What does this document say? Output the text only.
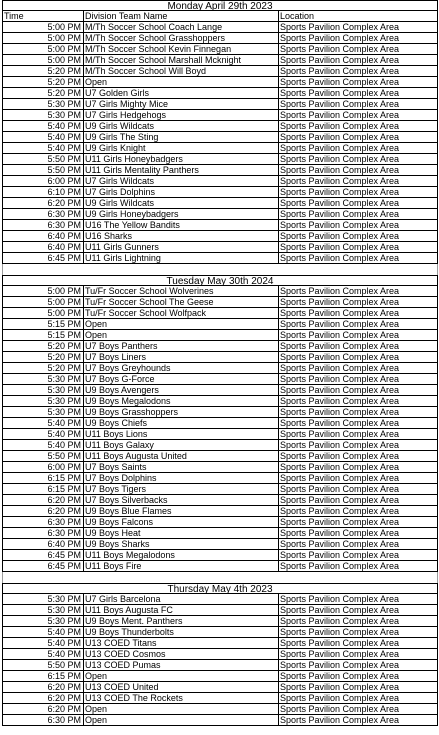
Monday April 29th 2023
Time	Division Team Name	Location
5:00 PM M/Th Soccer School Coach Lange	Sports Pavilion Complex Area
5:00 PM M/Th Soccer School Grasshoppers	Sports Pavilion Complex Area
5:00 PM M/Th Soccer School Kevin Finnegan	Sports Pavilion Complex Area
5:00 PM M/Th Soccer School Marshall Mcknight	Sports Pavilion Complex Area
5:20 PM M/Th Soccer School Will Boyd	Sports Pavilion Complex Area
5:20 PM Open	Sports Pavilion Complex Area
5:20 PM U7 Golden Girls	Sports Pavilion Complex Area
5:30 PM U7 Girls Mighty Mice	Sports Pavilion Complex Area
5:30 PM U7 Girls Hedgehogs	Sports Pavilion Complex Area
5:40 PM U9 Girls Wildcats	Sports Pavilion Complex Area
5:40 PM U9 Girls The Sting	Sports Pavilion Complex Area
5:40 PM U9 Girls Knight	Sports Pavilion Complex Area
5:50 PM U11 Girls Honeybadgers	Sports Pavilion Complex Area
5:50 PM U11 Girls Mentality Panthers	Sports Pavilion Complex Area
6:00 PM U7 Girls Wildcats	Sports Pavilion Complex Area
6:10 PM U7 Girls Dolphins	Sports Pavilion Complex Area
6:20 PM U9 Girls Wildcats	Sports Pavilion Complex Area
6:30 PM U9 Girls Honeybadgers	Sports Pavilion Complex Area
6:30 PM U16 The Yellow Bandits	Sports Pavilion Complex Area
6:40 PM U16 Sharks	Sports Pavilion Complex Area
6:40 PM U11 Girls Gunners	Sports Pavilion Complex Area
6:45 PM U11 Girls Lightning	Sports Pavilion Complex Area
Tuesday May 30th 2024
5:00 PM Tu/Fr Soccer School Wolverines	Sports Pavilion Complex Area
5:00 PM Tu/Fr Soccer School The Geese	Sports Pavilion Complex Area
5:00 PM Tu/Fr Soccer School Wolfpack	Sports Pavilion Complex Area
5:15 PM Open	Sports Pavilion Complex Area
5:15 PM Open	Sports Pavilion Complex Area
5:20 PM U7 Boys Panthers	Sports Pavilion Complex Area
5:20 PM U7 Boys Liners	Sports Pavilion Complex Area
5:20 PM U7 Boys Greyhounds	Sports Pavilion Complex Area
5:30 PM U7 Boys G-Force	Sports Pavilion Complex Area
5:30 PM U9 Boys Avengers	Sports Pavilion Complex Area
5:30 PM U9 Boys Megalodons	Sports Pavilion Complex Area
5:30 PM U9 Boys Grasshoppers	Sports Pavilion Complex Area
5:40 PM U9 Boys Chiefs	Sports Pavilion Complex Area
5:40 PM U11 Boys Lions	Sports Pavilion Complex Area
5:40 PM U11 Boys Galaxy	Sports Pavilion Complex Area
5:50 PM U11 Boys Augusta United	Sports Pavilion Complex Area
6:00 PM U7 Boys Saints	Sports Pavilion Complex Area
6:15 PM U7 Boys Dolphins	Sports Pavilion Complex Area
6:15 PM U7 Boys Tigers	Sports Pavilion Complex Area
6:20 PM U7 Boys Silverbacks	Sports Pavilion Complex Area
6:20 PM U9 Boys Blue Flames	Sports Pavilion Complex Area
6:30 PM U9 Boys Falcons	Sports Pavilion Complex Area
6:30 PM U9 Boys Heat	Sports Pavilion Complex Area
6:40 PM U9 Boys Sharks	Sports Pavilion Complex Area
6:45 PM U11 Boys Megalodons	Sports Pavilion Complex Area
6:45 PM U11 Boys Fire	Sports Pavilion Complex Area
Thursday May 4th 2023
5:30 PM U7 Girls Barcelona	Sports Pavilion Complex Area
5:30 PM U11 Boys Augusta FC	Sports Pavilion Complex Area
5:30 PM U9 Boys Ment. Panthers	Sports Pavilion Complex Area
5:40 PM U9 Boys Thunderbolts	Sports Pavilion Complex Area
5:40 PM U13 COED Titans	Sports Pavilion Complex Area
5:40 PM U13 COED Cosmos	Sports Pavilion Complex Area
5:50 PM U13 COED Pumas	Sports Pavilion Complex Area
6:15 PM Open	Sports Pavilion Complex Area
6:20 PM U13 COED United	Sports Pavilion Complex Area
6:20 PM U13 COED The Rockets	Sports Pavilion Complex Area
6:20 PM Open	Sports Pavilion Complex Area
6:30 PM Open	Sports Pavilion Complex Area
